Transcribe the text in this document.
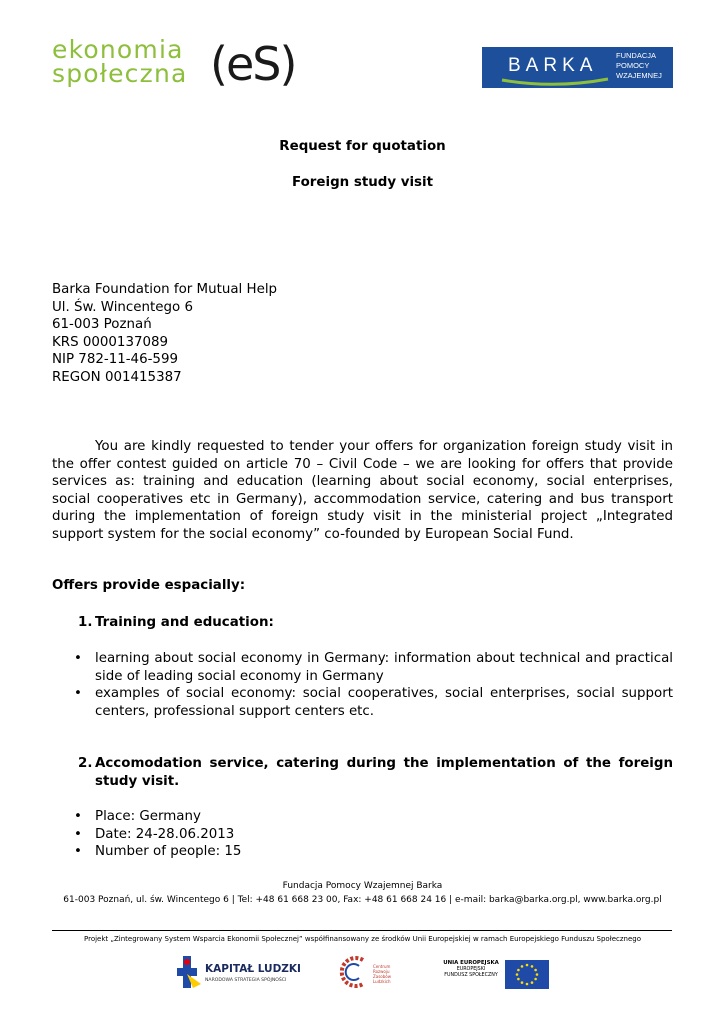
ekonomia
społeczna (eS)	BARKA FUNDACJA
POMOCY
WZAJEMNEJ
Request for quotation
Foreign study visit
Barka Foundation for Mutual Help
Ul. Św. Wincentego 6
61-003 Poznań
KRS 0000137089
NIP 782-11-46-599
REGON 001415387
You are kindly requested to tender your offers for organization foreign study visit in the offer contest guided on article 70 – Civil Code – we are looking for offers that provide services as: training and education (learning about social economy, social enterprises, social cooperatives etc in Germany), accommodation service, catering and bus transport during the implementation of foreign study visit in the ministerial project „Integrated support system for the social economy” co-founded by European Social Fund.
Offers provide espacially:
1. Training and education:
• learning about social economy in Germany: information about technical and practical side of leading social economy in Germany
• examples of social economy: social cooperatives, social enterprises, social support centers, professional support centers etc.
2. Accomodation service, catering during the implementation of the foreign study visit.
• Place: Germany
• Date: 24-28.06.2013
• Number of people: 15
Fundacja Pomocy Wzajemnej Barka
61-003 Poznań, ul. św. Wincentego 6 | Tel: +48 61 668 23 00, Fax: +48 61 668 24 16 | e-mail: barka@barka.org.pl, www.barka.org.pl
Projekt „Zintegrowany System Wsparcia Ekonomii Społecznej” współfinansowany ze środków Unii Europejskiej w ramach Europejskiego Funduszu Społecznego
KAPITAŁ LUDZKI
NARODOWA STRATEGIA SPÓJNOŚCI
Centrum
Rozwoju
Zasobów
Ludzkich
UNIA EUROPEJSKA
EUROPEJSKI
FUNDUSZ SPOŁECZNY
